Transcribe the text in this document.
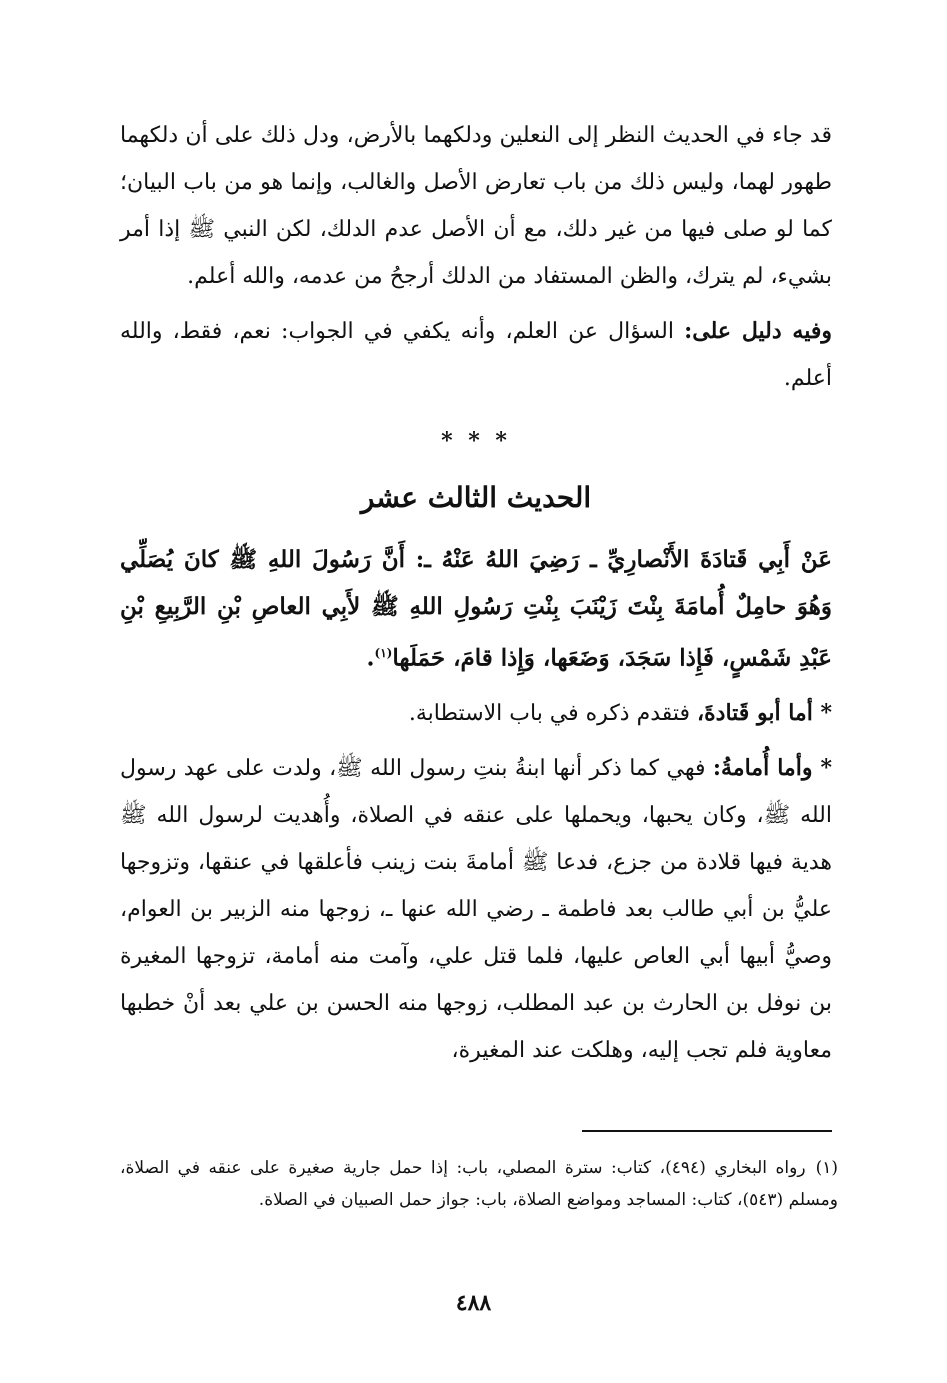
قد جاء في الحديث النظر إلى النعلين ودلكهما بالأرض، ودل ذلك على أن دلكهما طهور لهما، وليس ذلك من باب تعارض الأصل والغالب، وإنما هو من باب البيان؛ كما لو صلى فيها من غير دلك، مع أن الأصل عدم الدلك، لكن النبي ﷺ إذا أمر بشيء، لم يترك، والظن المستفاد من الدلك أرجحُ من عدمه، والله أعلم.

وفيه دليل على: السؤال عن العلم، وأنه يكفي في الجواب: نعم، فقط، والله أعلم.

* * *
الحديث الثالث عشر

عَنْ أَبِي قَتادَةَ الأَنْصارِيِّ ـ رَضِيَ اللهُ عَنْهُ ـ: أَنَّ رَسُولَ اللهِ ﷺ كانَ يُصَلِّي وَهُوَ حامِلٌ أُمامَةَ بِنْتَ زَيْنَبَ بِنْتِ رَسُولِ اللهِ ﷺ لأَبِي العاصِ بْنِ الرَّبِيعِ بْنِ عَبْدِ شَمْسٍ، فَإِذا سَجَدَ، وَضَعَها، وَإِذا قامَ، حَمَلَها$^{(١)}$.

* أما أبو قَتادةَ، فتقدم ذكره في باب الاستطابة.

* وأما أُمامةُ: فهي كما ذكر أنها ابنةُ بنتِ رسول الله ﷺ، ولدت على عهد رسول الله ﷺ، وكان يحبها، ويحملها على عنقه في الصلاة، وأُهديت لرسول الله ﷺ هدية فيها قلادة من جزع، فدعا ﷺ أمامةَ بنت زينب فأعلقها في عنقها، وتزوجها عليُّ بن أبي طالب بعد فاطمة ـ رضي الله عنها ـ، زوجها منه الزبير بن العوام، وصيُّ أبيها أبي العاص عليها، فلما قتل علي، وآمت منه أمامة، تزوجها المغيرة بن نوفل بن الحارث بن عبد المطلب، زوجها منه الحسن بن علي بعد أنْ خطبها معاوية فلم تجب إليه، وهلكت عند المغيرة،

(١)رواه البخاري (٤٩٤)، كتاب: سترة المصلي، باب: إذا حمل جارية صغيرة على عنقه في الصلاة، ومسلم (٥٤٣)، كتاب: المساجد ومواضع الصلاة، باب: جواز حمل الصبيان في الصلاة.
٤٨٨
